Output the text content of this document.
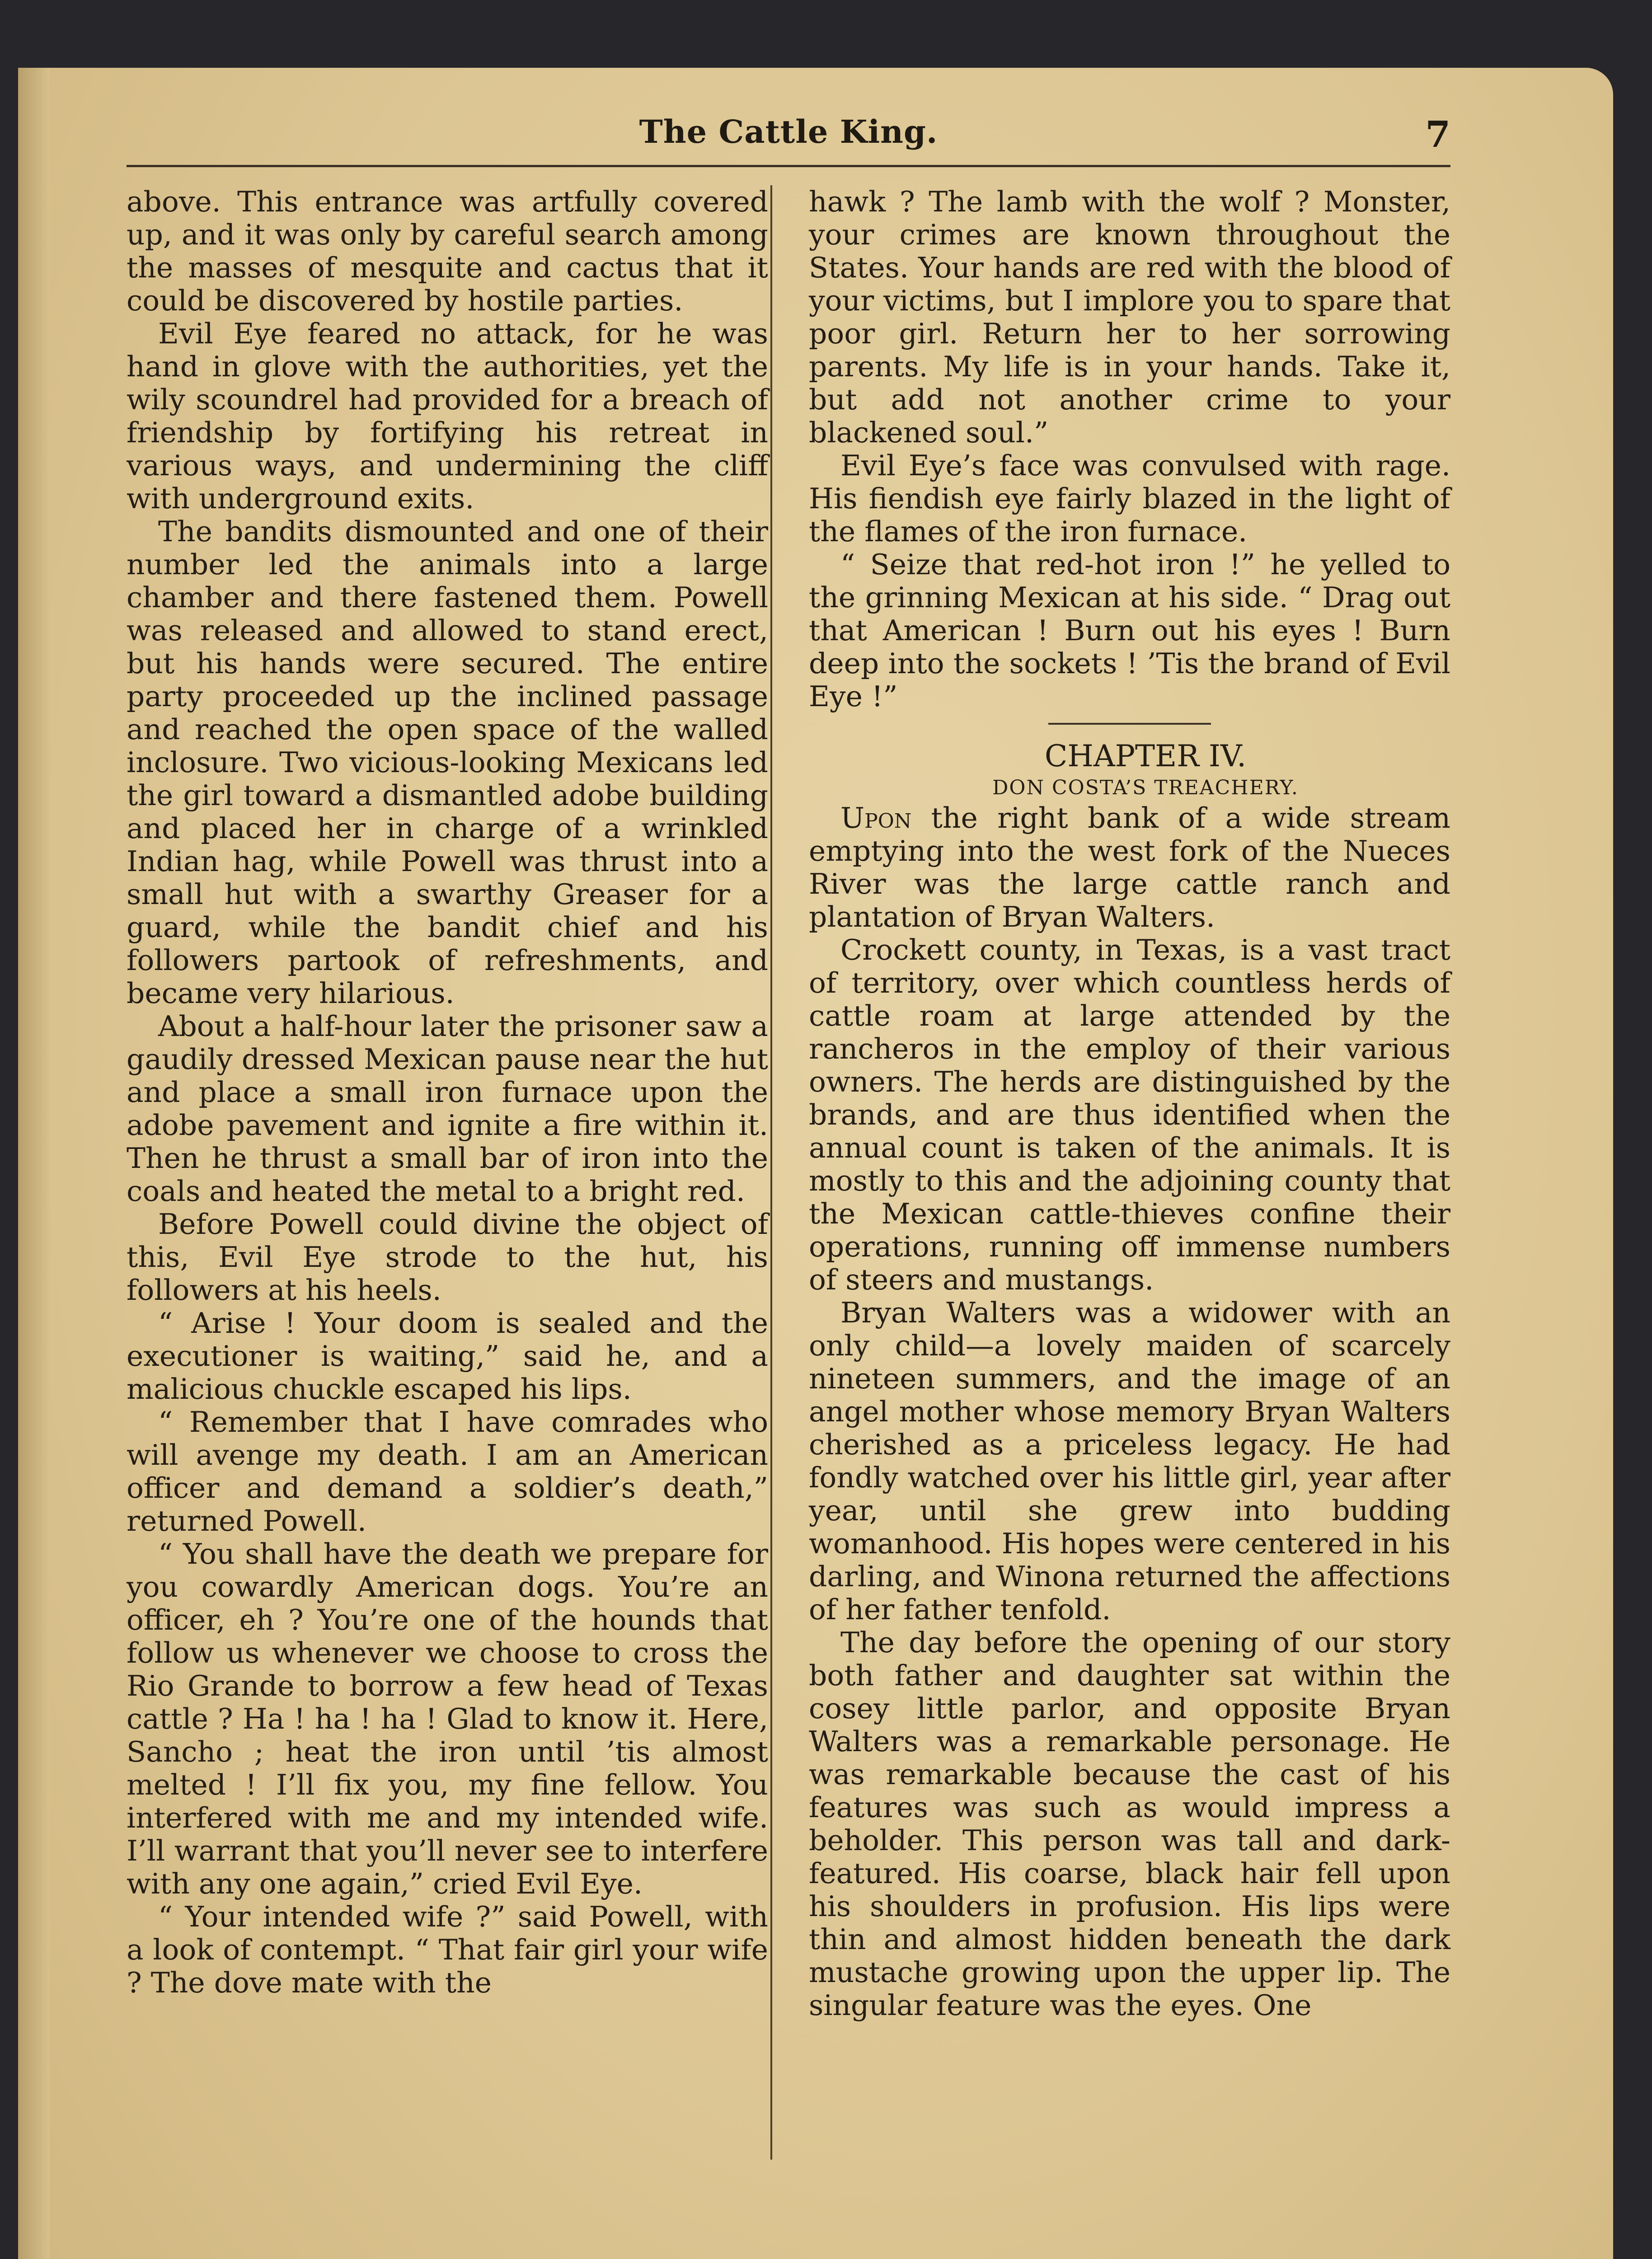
The Cattle King.	7

above. This entrance was artfully covered up, and it was only by careful search among the masses of mesquite and cactus that it could be discovered by hostile parties.

Evil Eye feared no attack, for he was hand in glove with the authorities, yet the wily scoundrel had provided for a breach of friendship by fortifying his retreat in various ways, and undermining the cliff with underground exits.

The bandits dismounted and one of their number led the animals into a large chamber and there fastened them. Powell was released and allowed to stand erect, but his hands were secured. The entire party proceeded up the inclined passage and reached the open space of the walled inclosure. Two vicious-looking Mexicans led the girl toward a dismantled adobe building and placed her in charge of a wrinkled Indian hag, while Powell was thrust into a small hut with a swarthy Greaser for a guard, while the bandit chief and his followers partook of refreshments, and became very hilarious.

About a half-hour later the prisoner saw a gaudily dressed Mexican pause near the hut and place a small iron furnace upon the adobe pavement and ignite a fire within it. Then he thrust a small bar of iron into the coals and heated the metal to a bright red.

Before Powell could divine the object of this, Evil Eye strode to the hut, his followers at his heels.

“ Arise ! Your doom is sealed and the executioner is waiting,” said he, and a malicious chuckle escaped his lips.

“ Remember that I have comrades who will avenge my death. I am an American officer and demand a soldier’s death,” returned Powell.

“ You shall have the death we prepare for you cowardly American dogs. You’re an officer, eh ? You’re one of the hounds that follow us whenever we choose to cross the Rio Grande to borrow a few head of Texas cattle ? Ha ! ha ! ha ! Glad to know it. Here, Sancho ; heat the iron until ’tis almost melted ! I’ll fix you, my fine fellow. You interfered with me and my intended wife. I’ll warrant that you’ll never see to interfere with any one again,” cried Evil Eye.

“ Your intended wife ?” said Powell, with a look of contempt. “ That fair girl your wife ? The dove mate with the

hawk ? The lamb with the wolf ? Monster, your crimes are known throughout the States. Your hands are red with the blood of your victims, but I implore you to spare that poor girl. Return her to her sorrowing parents. My life is in your hands. Take it, but add not another crime to your blackened soul.”

Evil Eye’s face was convulsed with rage. His fiendish eye fairly blazed in the light of the flames of the iron furnace.

“ Seize that red-hot iron !” he yelled to the grinning Mexican at his side. “ Drag out that American ! Burn out his eyes ! Burn deep into the sockets ! ’Tis the brand of Evil Eye !”

CHAPTER IV.

DON COSTA’S TREACHERY.

Upon the right bank of a wide stream emptying into the west fork of the Nueces River was the large cattle ranch and plantation of Bryan Walters.

Crockett county, in Texas, is a vast tract of territory, over which countless herds of cattle roam at large attended by the rancheros in the employ of their various owners. The herds are distinguished by the brands, and are thus identified when the annual count is taken of the animals. It is mostly to this and the adjoining county that the Mexican cattle-thieves confine their operations, running off immense numbers of steers and mustangs.

Bryan Walters was a widower with an only child—a lovely maiden of scarcely nineteen summers, and the image of an angel mother whose memory Bryan Walters cherished as a priceless legacy. He had fondly watched over his little girl, year after year, until she grew into budding womanhood. His hopes were centered in his darling, and Winona returned the affections of her father tenfold.

The day before the opening of our story both father and daughter sat within the cosey little parlor, and opposite Bryan Walters was a remarkable personage. He was remarkable because the cast of his features was such as would impress a beholder. This person was tall and dark-featured. His coarse, black hair fell upon his shoulders in profusion. His lips were thin and almost hidden beneath the dark mustache growing upon the upper lip. The singular feature was the eyes. One
